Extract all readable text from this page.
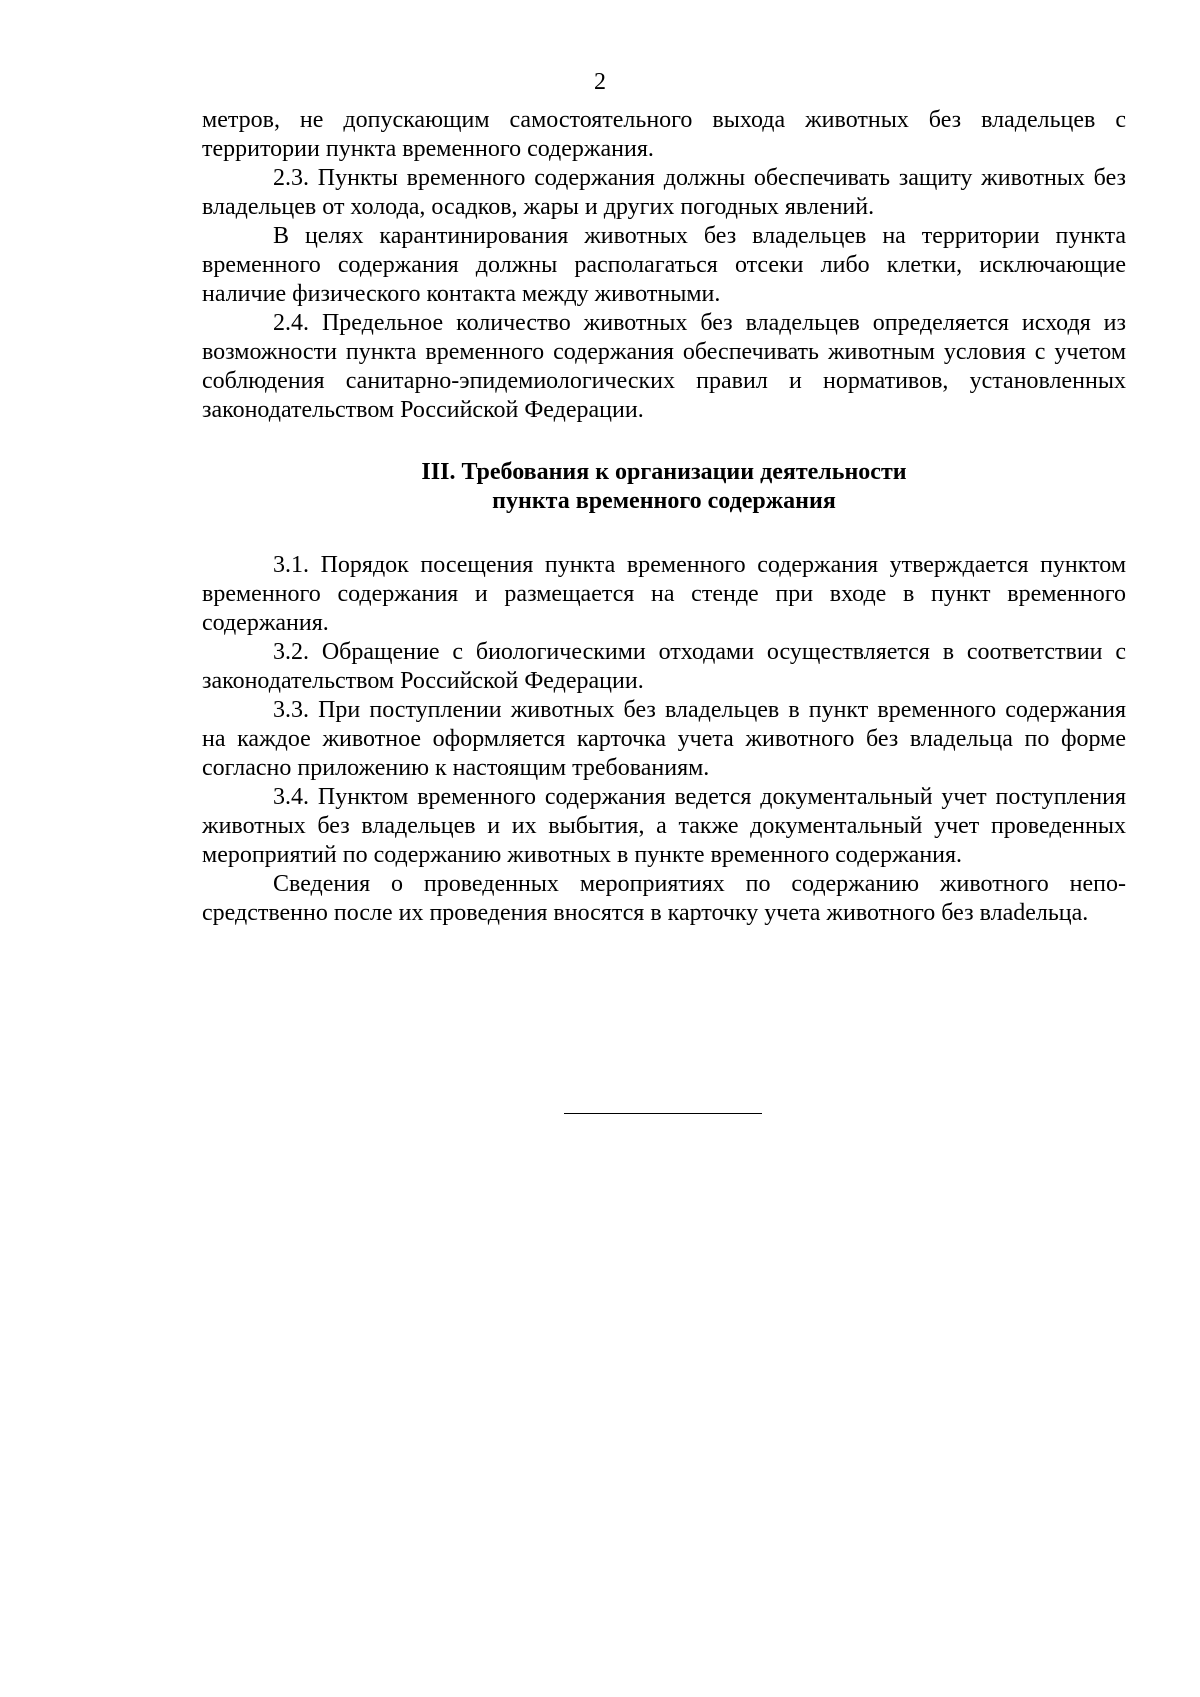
2

метров, не допускающим самостоятельного выхода животных без владельцев с территории пункта временного содержания.

2.3. Пункты временного содержания должны обеспечивать защиту животных без владельцев от холода, осадков, жары и других погодных явлений.

В целях карантинирования животных без владельцев на территории пункта временного содержания должны располагаться отсеки либо клетки, исключающие наличие физического контакта между животными.

2.4. Предельное количество животных без владельцев определяется исходя из возможности пункта временного содержания обеспечивать животным условия с учетом соблюдения санитарно-эпидемиологических правил и нормативов, установленных законодательством Российской Федерации.

III. Требования к организации деятельности
пункта временного содержания

3.1. Порядок посещения пункта временного содержания утверждается пунктом временного содержания и размещается на стенде при входе в пункт временного содержания.

3.2. Обращение с биологическими отходами осуществляется в соответствии с законодательством Российской Федерации.

3.3. При поступлении животных без владельцев в пункт временного содержания на каждое животное оформляется карточка учета животного без владельца по форме согласно приложению к настоящим требованиям.

3.4. Пунктом временного содержания ведется документальный учет поступления животных без владельцев и их выбытия, а также документальный учет проведенных мероприятий по содержанию животных в пункте временного содержания.

Сведения о проведенных мероприятиях по содержанию животного непосредственно после их проведения вносятся в карточку учета животного без влаdельца.
